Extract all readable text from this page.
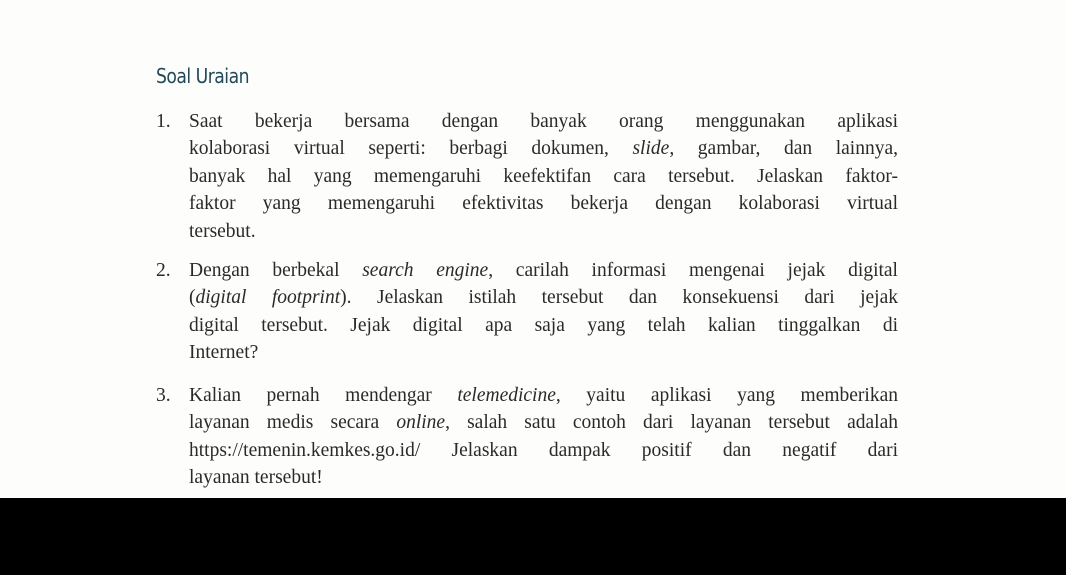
Soal Uraian
1. Saat bekerja bersama dengan banyak orang menggunakan aplikasi
kolaborasi virtual seperti: berbagi dokumen, slide, gambar, dan lainnya,
banyak hal yang memengaruhi keefektifan cara tersebut. Jelaskan faktor-
faktor yang memengaruhi efektivitas bekerja dengan kolaborasi virtual
tersebut.
2. Dengan berbekal search engine, carilah informasi mengenai jejak digital
(digital footprint). Jelaskan istilah tersebut dan konsekuensi dari jejak
digital tersebut. Jejak digital apa saja yang telah kalian tinggalkan di
Internet?
3. Kalian pernah mendengar telemedicine, yaitu aplikasi yang memberikan
layanan medis secara online, salah satu contoh dari layanan tersebut adalah
https://temenin.kemkes.go.id/ Jelaskan dampak positif dan negatif dari
layanan tersebut!
